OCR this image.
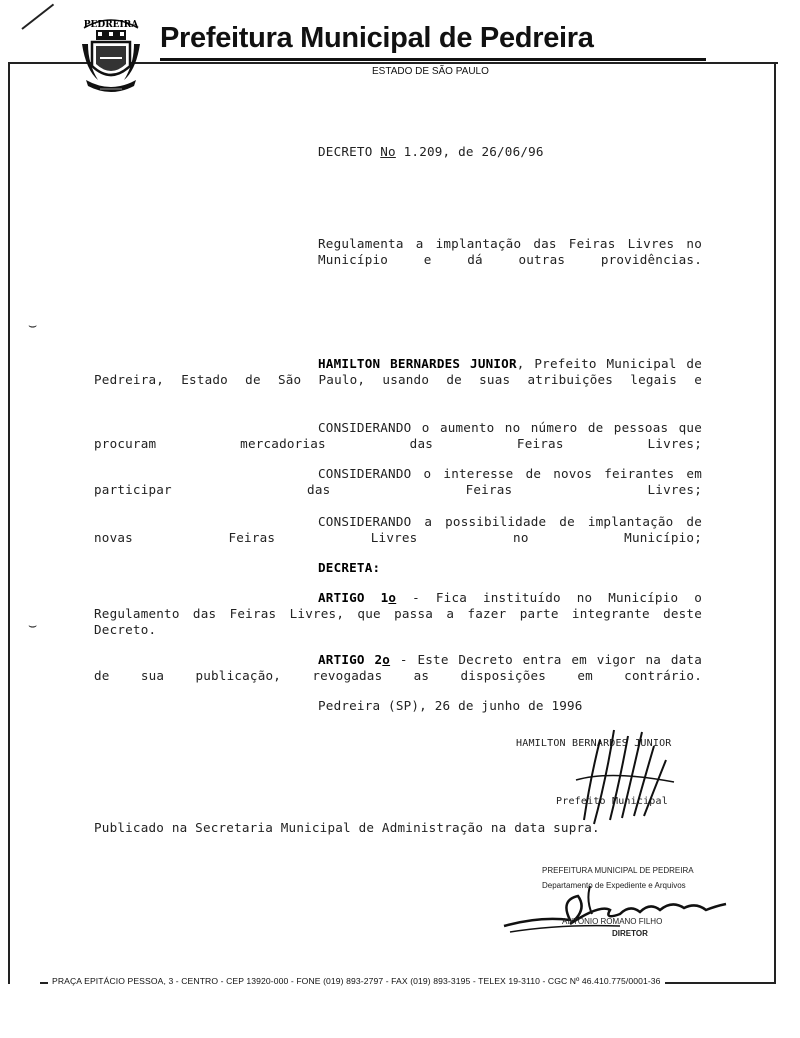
PEDREIRA Prefeitura Municipal de Pedreira
ESTADO DE SÃO PAULO
DECRETO No 1.209, de 26/06/96
Regulamenta a implantação das Feiras Livres no Município e dá outras providências.
HAMILTON BERNARDES JUNIOR, Prefeito Municipal de Pedreira, Estado de São Paulo, usando de suas atribuições legais e
CONSIDERANDO o aumento no número de pessoas que procuram mercadorias das Feiras Livres;
CONSIDERANDO o interesse de novos feirantes em participar das Feiras Livres;
CONSIDERANDO a possibilidade de implantação de novas Feiras Livres no Município;
DECRETA:
ARTIGO 1o - Fica instituído no Município o Regulamento das Feiras Livres, que passa a fazer parte integrante deste Decreto.
ARTIGO 2o - Este Decreto entra em vigor na data de sua publicação, revogadas as disposições em contrário.
Pedreira (SP), 26 de junho de 1996
HAMILTON BERNARDES JUNIOR
Prefeito Municipal
Publicado na Secretaria Municipal de Administração na data supra.
PREFEITURA MUNICIPAL DE PEDREIRA
Departamento de Expediente e Arquivos
ANTONIO ROMANO FILHO
DIRETOR
⌣
⌣
PRAÇA EPITÁCIO PESSOA, 3 - CENTRO - CEP 13920-000 - FONE (019) 893-2797 - FAX (019) 893-3195 - TELEX 19-3110 - CGC Nº 46.410.775/0001-36
